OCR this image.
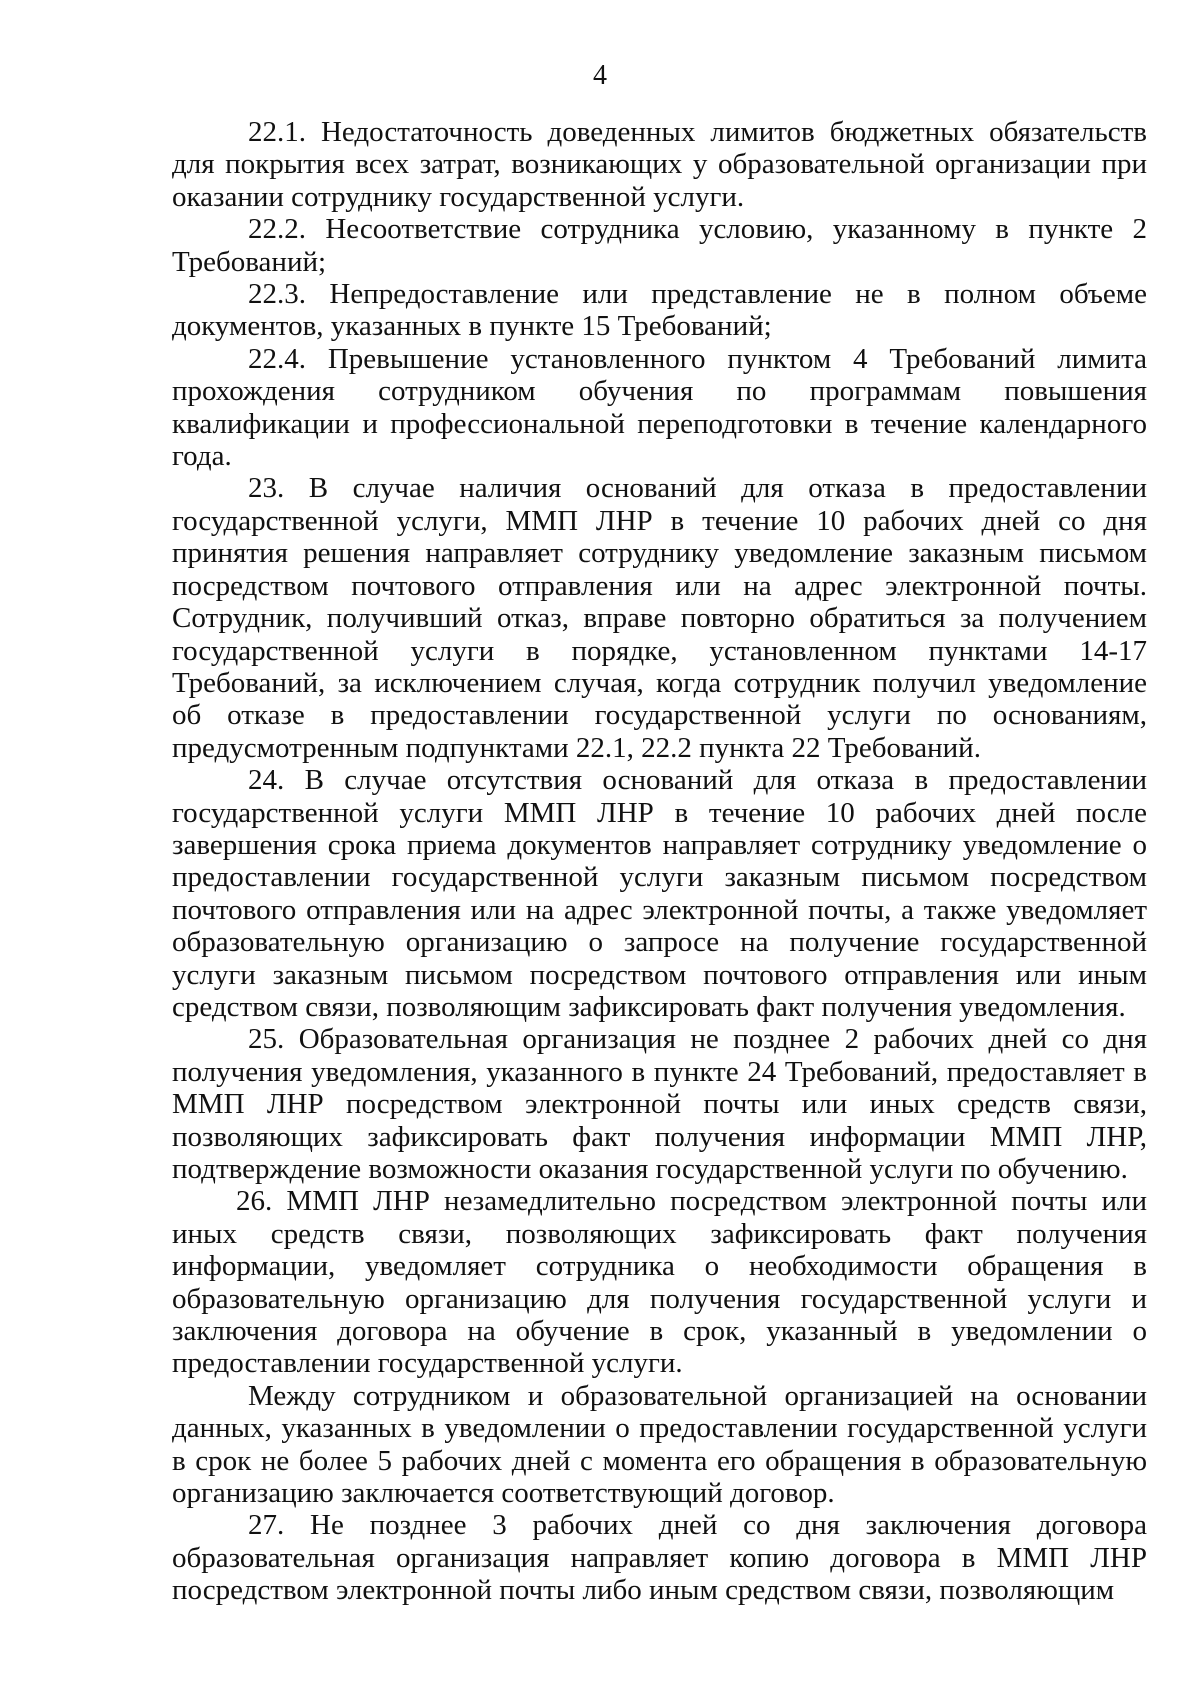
4

22.1. Недостаточность доведенных лимитов бюджетных обязательств для покрытия всех затрат, возникающих у образовательной организации при оказании сотруднику государственной услуги.

22.2. Несоответствие сотрудника условию, указанному в пункте 2 Требований;

22.3. Непредоставление или представление не в полном объеме документов, указанных в пункте 15 Требований;

22.4. Превышение установленного пунктом 4 Требований лимита прохождения сотрудником обучения по программам повышения квалификации и профессиональной переподготовки в течение календарного года.

23. В случае наличия оснований для отказа в предоставлении государственной услуги, ММП ЛНР в течение 10 рабочих дней со дня принятия решения направляет сотруднику уведомление заказным письмом посредством почтового отправления или на адрес электронной почты. Сотрудник, получивший отказ, вправе повторно обратиться за получением государственной услуги в порядке, установленном пунктами 14-17 Требований, за исключением случая, когда сотрудник получил уведомление об отказе в предоставлении государственной услуги по основаниям, предусмотренным подпунктами 22.1, 22.2 пункта 22 Требований.

24. В случае отсутствия оснований для отказа в предоставлении государственной услуги ММП ЛНР в течение 10 рабочих дней после завершения срока приема документов направляет сотруднику уведомление о предоставлении государственной услуги заказным письмом посредством почтового отправления или на адрес электронной почты, а также уведомляет образовательную организацию о запросе на получение государственной услуги заказным письмом посредством почтового отправления или иным средством связи, позволяющим зафиксировать факт получения уведомления.

25. Образовательная организация не позднее 2 рабочих дней со дня получения уведомления, указанного в пункте 24 Требований, предоставляет в ММП ЛНР посредством электронной почты или иных средств связи, позволяющих зафиксировать факт получения информации ММП ЛНР, подтверждение возможности оказания государственной услуги по обучению.

26. ММП ЛНР незамедлительно посредством электронной почты или иных средств связи, позволяющих зафиксировать факт получения информации, уведомляет сотрудника о необходимости обращения в образовательную организацию для получения государственной услуги и заключения договора на обучение в срок, указанный в уведомлении о предоставлении государственной услуги.

Между сотрудником и образовательной организацией на основании данных, указанных в уведомлении о предоставлении государственной услуги в срок не более 5 рабочих дней с момента его обращения в образовательную организацию заключается соответствующий договор.

27. Не позднее 3 рабочих дней со дня заключения договора образовательная организация направляет копию договора в ММП ЛНР посредством электронной почты либо иным средством связи, позволяющим
